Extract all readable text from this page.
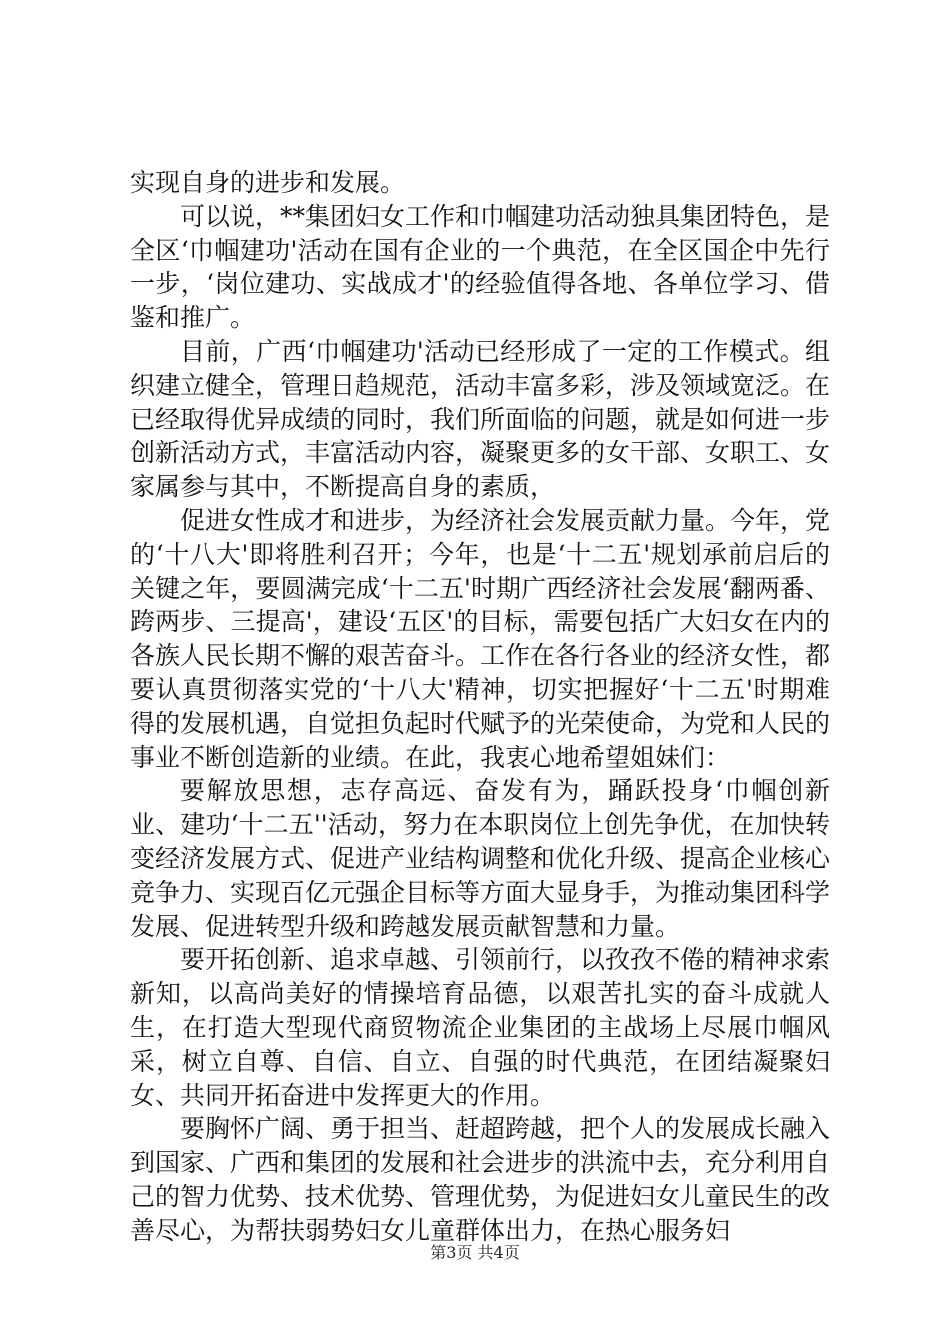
实现自身的进步和发展。

可以说，**集团妇女工作和巾帼建功活动独具集团特色，是全区‘巾帼建功'活动在国有企业的一个典范，在全区国企中先行一步，‘岗位建功、实战成才'的经验值得各地、各单位学习、借鉴和推广。

目前，广西‘巾帼建功'活动已经形成了一定的工作模式。组织建立健全，管理日趋规范，活动丰富多彩，涉及领域宽泛。在已经取得优异成绩的同时，我们所面临的问题，就是如何进一步创新活动方式，丰富活动内容，凝聚更多的女干部、女职工、女家属参与其中，不断提高自身的素质，

促进女性成才和进步，为经济社会发展贡献力量。今年，党的‘十八大'即将胜利召开；今年，也是‘十二五'规划承前启后的关键之年，要圆满完成‘十二五'时期广西经济社会发展‘翻两番、跨两步、三提高'，建设‘五区'的目标，需要包括广大妇女在内的各族人民长期不懈的艰苦奋斗。工作在各行各业的经济女性，都要认真贯彻落实党的‘十八大'精神，切实把握好‘十二五'时期难得的发展机遇，自觉担负起时代赋予的光荣使命，为党和人民的事业不断创造新的业绩。在此，我衷心地希望姐妹们：

要解放思想，志存高远、奋发有为，踊跃投身‘巾帼创新业、建功‘十二五''活动，努力在本职岗位上创先争优，在加快转变经济发展方式、促进产业结构调整和优化升级、提高企业核心竞争力、实现百亿元强企目标等方面大显身手，为推动集团科学发展、促进转型升级和跨越发展贡献智慧和力量。

要开拓创新、追求卓越、引领前行，以孜孜不倦的精神求索新知，以高尚美好的情操培育品德，以艰苦扎实的奋斗成就人生，在打造大型现代商贸物流企业集团的主战场上尽展巾帼风采，树立自尊、自信、自立、自强的时代典范，在团结凝聚妇女、共同开拓奋进中发挥更大的作用。

要胸怀广阔、勇于担当、赶超跨越，把个人的发展成长融入到国家、广西和集团的发展和社会进步的洪流中去，充分利用自己的智力优势、技术优势、管理优势，为促进妇女儿童民生的改善尽心，为帮扶弱势妇女儿童群体出力，在热心服务妇

第3页 共4页
